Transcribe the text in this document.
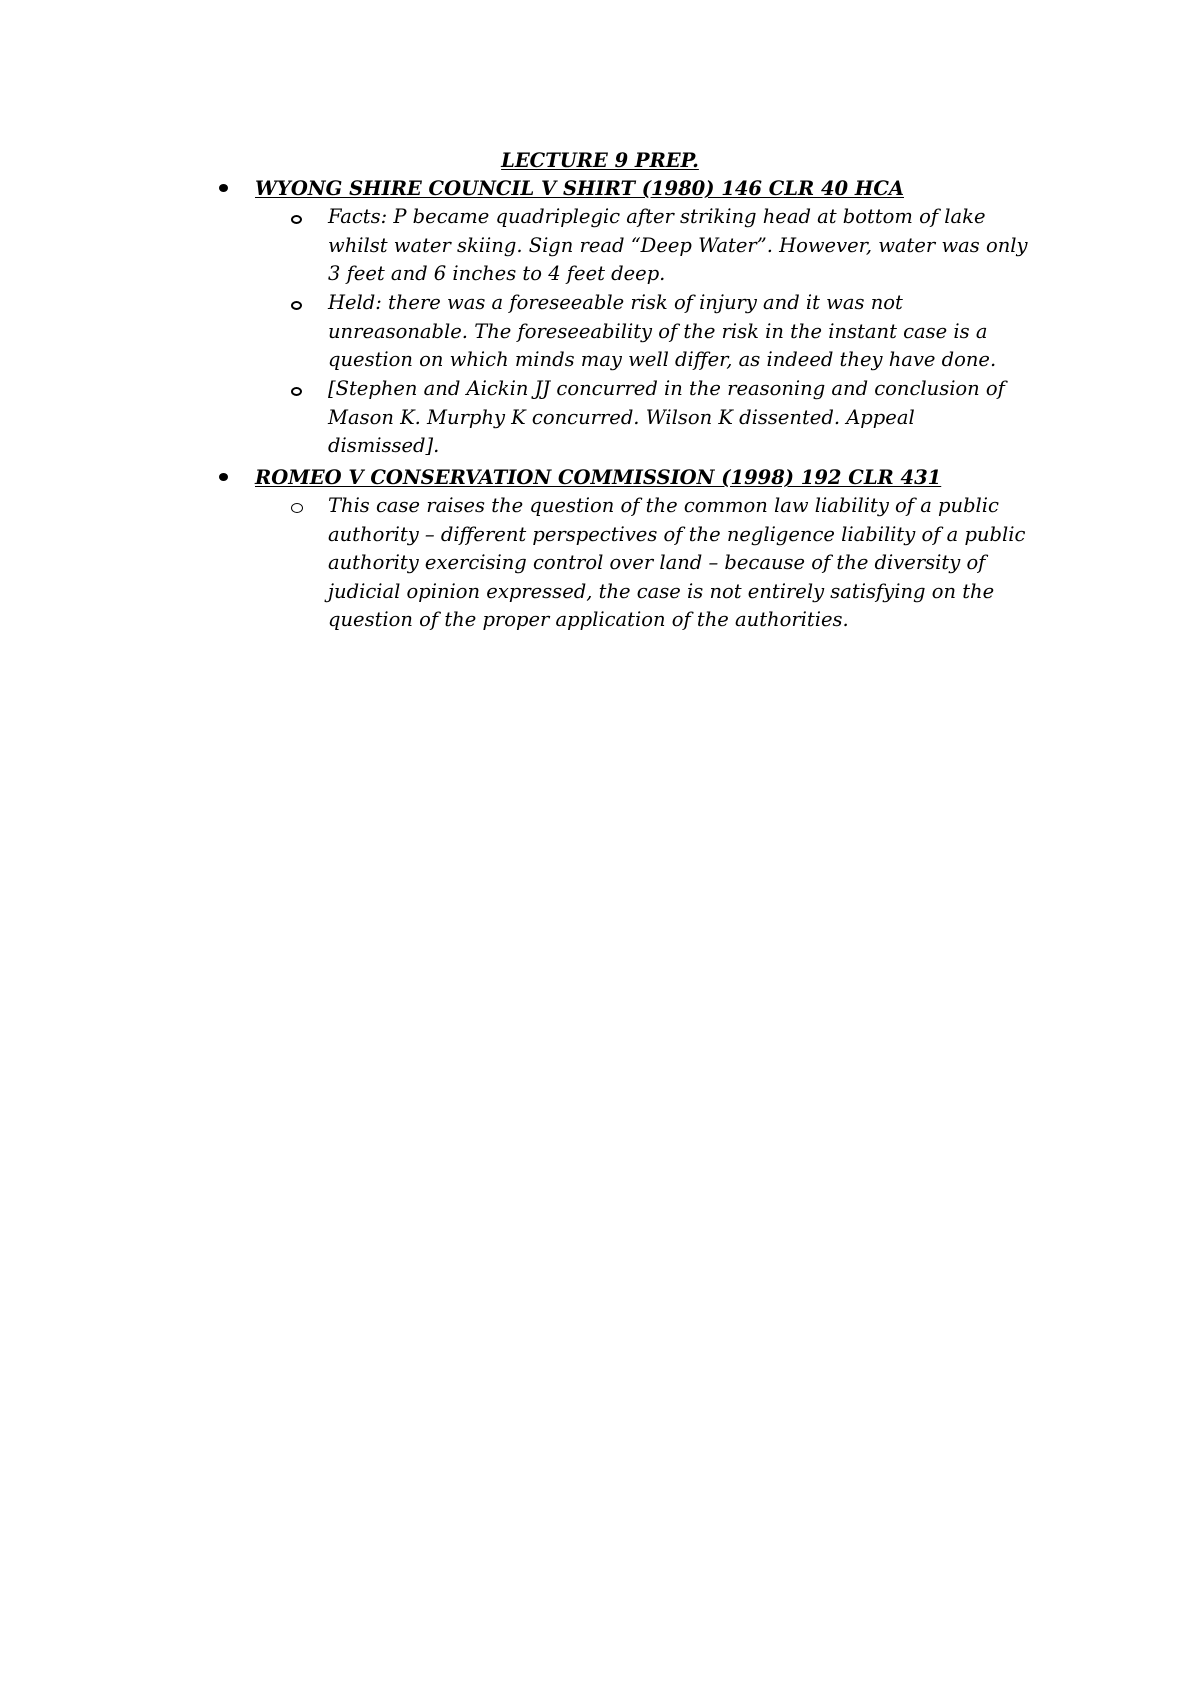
LECTURE 9 PREP.
WYONG SHIRE COUNCIL V SHIRT (1980) 146 CLR 40 HCA
Facts: P became quadriplegic after striking head at bottom of lake whilst water skiing. Sign read “Deep Water”. However, water was only 3 feet and 6 inches to 4 feet deep.
Held: there was a foreseeable risk of injury and it was not unreasonable. The foreseeability of the risk in the instant case is a question on which minds may well differ, as indeed they have done.
[Stephen and Aickin JJ concurred in the reasoning and conclusion of Mason K. Murphy K concurred. Wilson K dissented. Appeal dismissed].
ROMEO V CONSERVATION COMMISSION (1998) 192 CLR 431
This case raises the question of the common law liability of a public authority – different perspectives of the negligence liability of a public authority exercising control over land – because of the diversity of judicial opinion expressed, the case is not entirely satisfying on the question of the proper application of the authorities.
